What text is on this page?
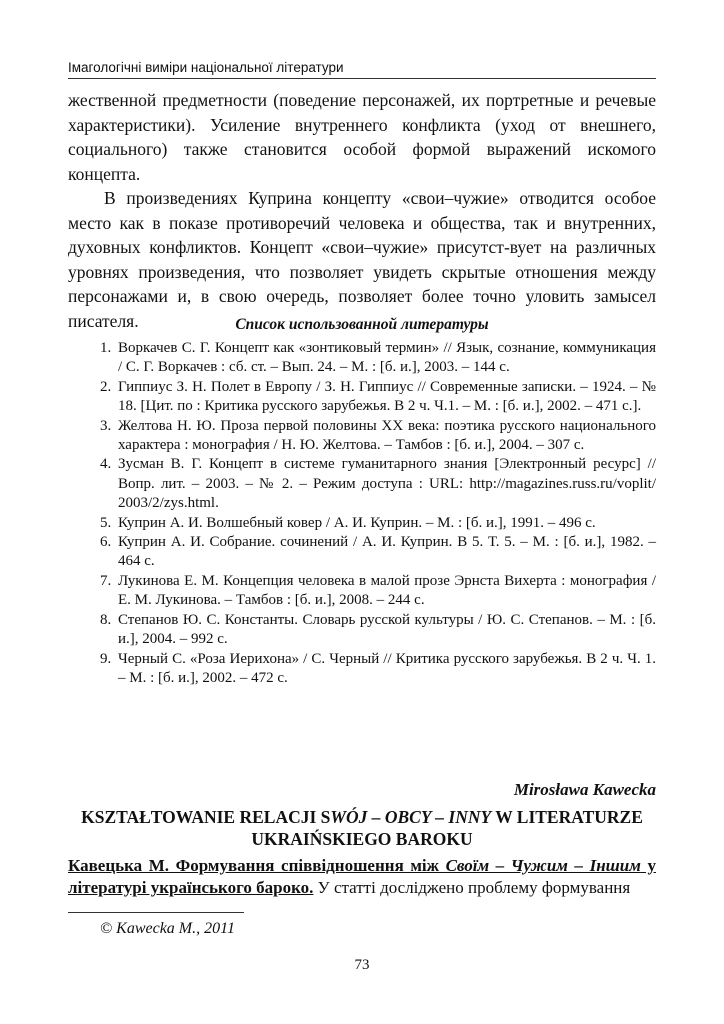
Імагологічні виміри національної літератури

жественной предметности (поведение персонажей, их портретные и речевые характеристики). Усиление внутреннего конфликта (уход от внешнего, социального) также становится особой формой выражений искомого концепта.

В произведениях Куприна концепту «свои–чужие» отводится особое место как в показе противоречий человека и общества, так и внутренних, духовных конфликтов. Концепт «свои–чужие» присутст-вует на различных уровнях произведения, что позволяет увидеть скрытые отношения между персонажами и, в свою очередь, позволяет более точно уловить замысел писателя.	Список использованной литературы
1. Воркачев С. Г. Концепт как «зонтиковый термин» // Язык, сознание, коммуникация / С. Г. Воркачев : сб. ст. – Вып. 24. – М. : [б. и.], 2003. – 144 с.
2. Гиппиус З. Н. Полет в Европу / З. Н. Гиппиус // Современные записки. – 1924. – № 18. [Цит. по : Критика русского зарубежья. В 2 ч. Ч.1. – М. : [б. и.], 2002. – 471 с.].
3. Желтова Н. Ю. Проза первой половины XX века: поэтика русского национального характера : монография / Н. Ю. Желтова. – Тамбов : [б. и.], 2004. – 307 с.
4. Зусман В. Г. Концепт в системе гуманитарного знания [Электронный ресурс] // Вопр. лит. – 2003. – № 2. – Режим доступа : URL: http://magazines.russ.ru/voplit/ 2003/2/zys.html.
5. Куприн А. И. Волшебный ковер / А. И. Куприн. – М. : [б. и.], 1991. – 496 с.
6. Куприн А. И. Собрание. сочинений / А. И. Куприн. В 5. Т. 5. – М. : [б. и.], 1982. – 464 с.
7. Лукинова Е. М. Концепция человека в малой прозе Эрнста Вихерта : монография / Е. М. Лукинова. – Тамбов : [б. и.], 2008. – 244 с.
8. Степанов Ю. С. Константы. Словарь русской культуры / Ю. С. Степанов. – М. : [б. и.], 2004. – 992 с.
9. Черный С. «Роза Иерихона» / С. Черный // Критика русского зарубежья. В 2 ч. Ч. 1. – М. : [б. и.], 2002. – 472 с.
Mirosława Kawecka
KSZTAŁTOWANIE RELACJI SWÓJ – OBCY – INNY W LITERATURZE UKRAIŃSKIEGO BAROKU
Кавецька М. Формування співвідношення між Своїм – Чужим – Іншим у літературі українського бароко. У статті досліджено проблему формування
© Kawecka M., 2011
73
